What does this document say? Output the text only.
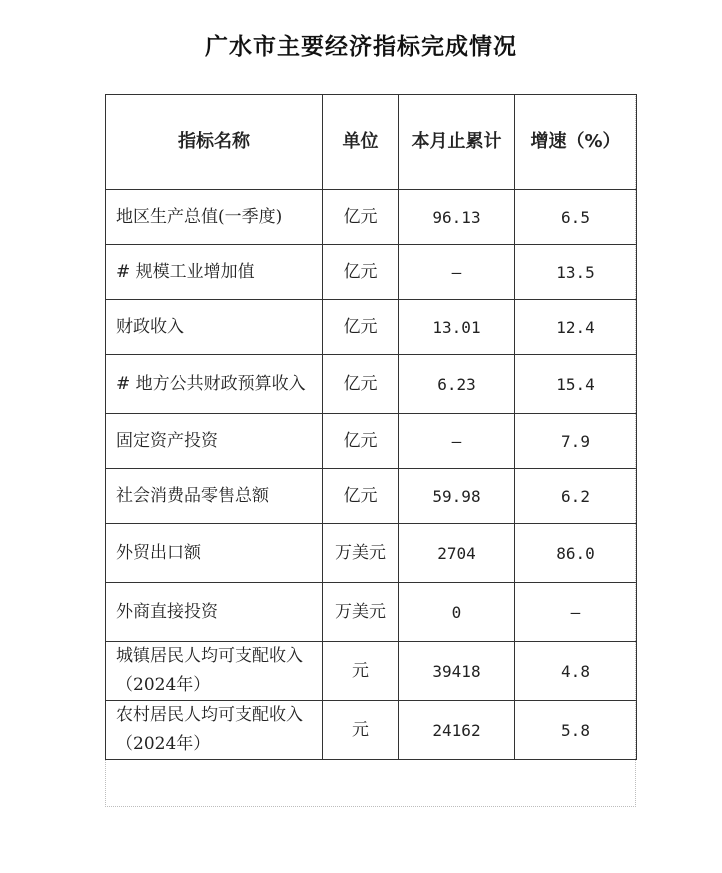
广水市主要经济指标完成情况
指标名称	单位	本月止累计	增速（%）
地区生产总值(一季度)	亿元	96.13	6.5
# 规模工业增加值	亿元	—	13.5
财政收入	亿元	13.01	12.4
# 地方公共财政预算收入	亿元	6.23	15.4
固定资产投资	亿元	—	7.9
社会消费品零售总额	亿元	59.98	6.2
外贸出口额	万美元	2704	86.0
外商直接投资	万美元	0	—
城镇居民人均可支配收入（2024年）	元	39418	4.8
农村居民人均可支配收入（2024年）	元	24162	5.8
